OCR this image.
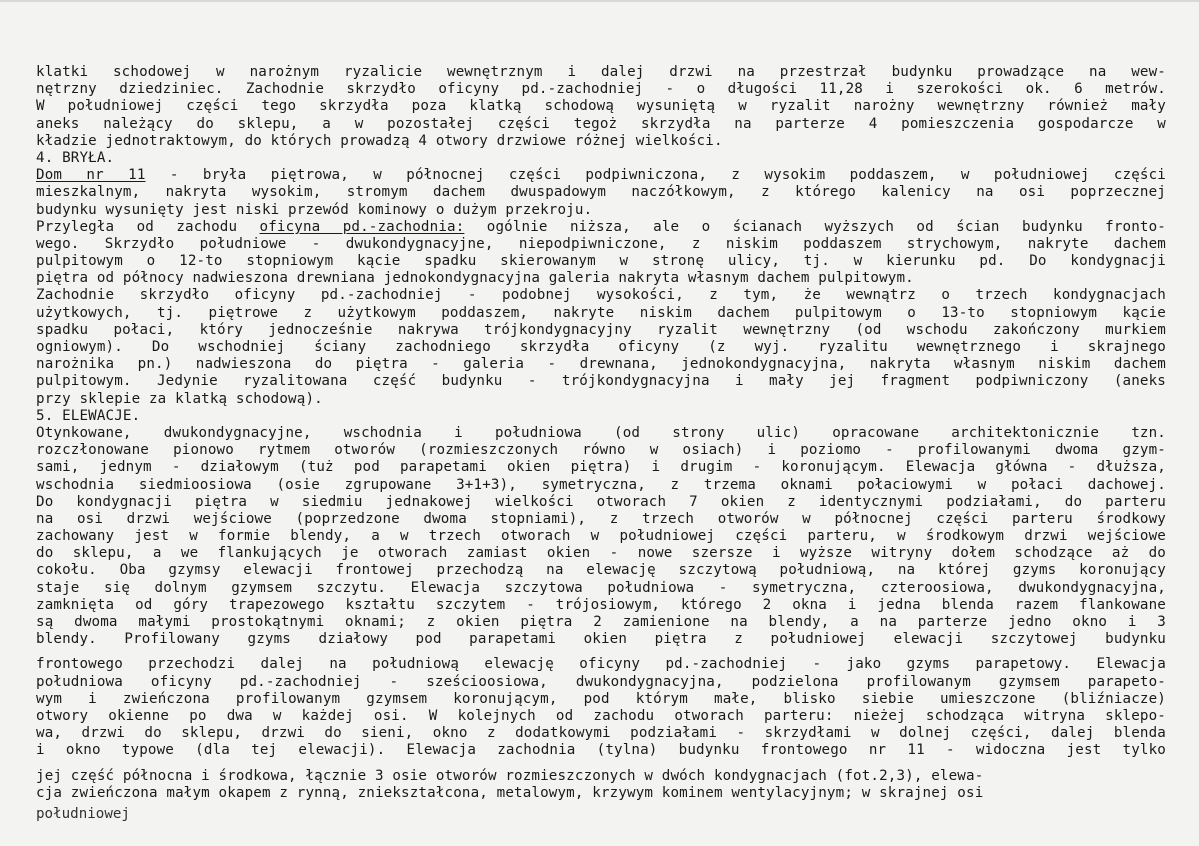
klatki schodowej w narożnym ryzalicie wewnętrznym i dalej drzwi na przestrzał budynku prowadzące na wew-
nętrzny dziedziniec. Zachodnie skrzydło oficyny pd.-zachodniej - o długości 11,28 i szerokości ok. 6 metrów.
W południowej części tego skrzydła poza klatką schodową wysuniętą w ryzalit narożny wewnętrzny również mały
aneks należący do sklepu, a w pozostałej części tegoż skrzydła na parterze 4 pomieszczenia gospodarcze w
kładzie jednotraktowym, do których prowadzą 4 otwory drzwiowe różnej wielkości.
4. BRYŁA.
Dom nr 11 - bryła piętrowa, w północnej części podpiwniczona, z wysokim poddaszem, w południowej części
mieszkalnym, nakryta wysokim, stromym dachem dwuspadowym naczółkowym, z którego kalenicy na osi poprzecznej
budynku wysunięty jest niski przewód kominowy o dużym przekroju.
Przyległa od zachodu oficyna pd.-zachodnia: ogólnie niższa, ale o ścianach wyższych od ścian budynku fronto-
wego. Skrzydło południowe - dwukondygnacyjne, niepodpiwniczone, z niskim poddaszem strychowym, nakryte dachem
pulpitowym o 12-to stopniowym kącie spadku skierowanym w stronę ulicy, tj. w kierunku pd. Do kondygnacji
piętra od północy nadwieszona drewniana jednokondygnacyjna galeria nakryta własnym dachem pulpitowym.
Zachodnie skrzydło oficyny pd.-zachodniej - podobnej wysokości, z tym, że wewnątrz o trzech kondygnacjach
użytkowych, tj. piętrowe z użytkowym poddaszem, nakryte niskim dachem pulpitowym o 13-to stopniowym kącie
spadku połaci, który jednocześnie nakrywa trójkondygnacyjny ryzalit wewnętrzny (od wschodu zakończony murkiem
ogniowym). Do wschodniej ściany zachodniego skrzydła oficyny (z wyj. ryzalitu wewnętrznego i skrajnego
narożnika pn.) nadwieszona do piętra - galeria - drewnana, jednokondygnacyjna, nakryta własnym niskim dachem
pulpitowym. Jedynie ryzalitowana część budynku - trójkondygnacyjna i mały jej fragment podpiwniczony (aneks
przy sklepie za klatką schodową).
5. ELEWACJE.
Otynkowane, dwukondygnacyjne, wschodnia i południowa (od strony ulic) opracowane architektonicznie tzn.
rozczłonowane pionowo rytmem otworów (rozmieszczonych równo w osiach) i poziomo - profilowanymi dwoma gzym-
sami, jednym - działowym (tuż pod parapetami okien piętra) i drugim - koronującym. Elewacja główna - dłuższa,
wschodnia siedmioosiowa (osie zgrupowane 3+1+3), symetryczna, z trzema oknami połaciowymi w połaci dachowej.
Do kondygnacji piętra w siedmiu jednakowej wielkości otworach 7 okien z identycznymi podziałami, do parteru
na osi drzwi wejściowe (poprzedzone dwoma stopniami), z trzech otworów w północnej części parteru środkowy
zachowany jest w formie blendy, a w trzech otworach w południowej części parteru, w środkowym drzwi wejściowe
do sklepu, a we flankujących je otworach zamiast okien - nowe szersze i wyższe witryny dołem schodzące aż do
cokołu. Oba gzymsy elewacji frontowej przechodzą na elewację szczytową południową, na której gzyms koronujący
staje się dolnym gzymsem szczytu. Elewacja szczytowa południowa - symetryczna, czteroosiowa, dwukondygnacyjna,
zamknięta od góry trapezowego kształtu szczytem - trójosiowym, którego 2 okna i jedna blenda razem flankowane
są dwoma małymi prostokątnymi oknami; z okien piętra 2 zamienione na blendy, a na parterze jedno okno i 3
blendy. Profilowany gzyms działowy pod parapetami okien piętra z południowej elewacji szczytowej budynku
frontowego przechodzi dalej na południową elewację oficyny pd.-zachodniej - jako gzyms parapetowy. Elewacja
południowa oficyny pd.-zachodniej - sześcioosiowa, dwukondygnacyjna, podzielona profilowanym gzymsem parapeto-
wym i zwieńczona profilowanym gzymsem koronującym, pod którym małe, blisko siebie umieszczone (bliźniacze)
otwory okienne po dwa w każdej osi. W kolejnych od zachodu otworach parteru: nieżej schodząca witryna sklepo-
wa, drzwi do sklepu, drzwi do sieni, okno z dodatkowymi podziałami - skrzydłami w dolnej części, dalej blenda
i okno typowe (dla tej elewacji). Elewacja zachodnia (tylna) budynku frontowego nr 11 - widoczna jest tylko
jej część północna i środkowa, łącznie 3 osie otworów rozmieszczonych w dwóch kondygnacjach (fot.2,3), elewa-
cja zwieńczona małym okapem z rynną, zniekształcona, metalowym, krzywym kominem wentylacyjnym; w skrajnej osi
południowej
